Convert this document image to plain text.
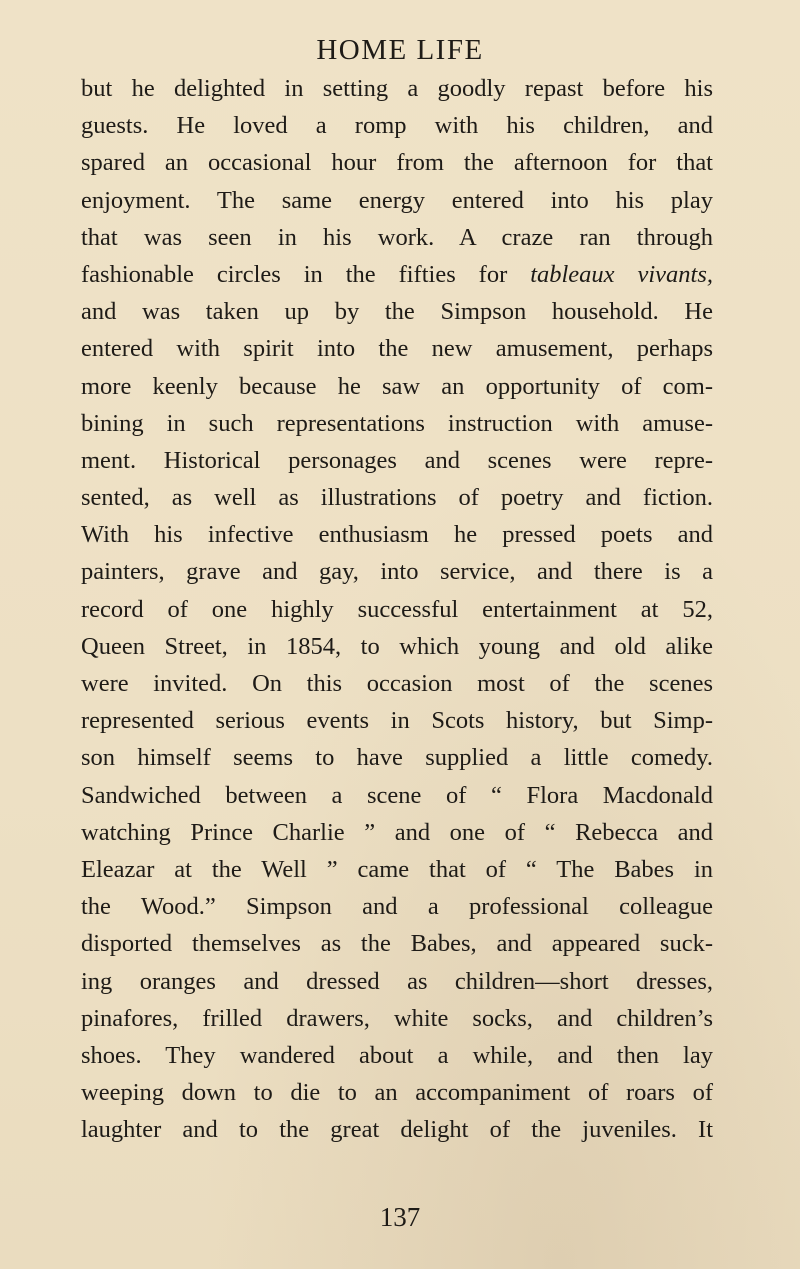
HOME LIFE
but he delighted in setting a goodly repast before his
guests. He loved a romp with his children, and
spared an occasional hour from the afternoon for that
enjoyment. The same energy entered into his play
that was seen in his work. A craze ran through
fashionable circles in the fifties for tableaux vivants,
and was taken up by the Simpson household. He
entered with spirit into the new amusement, perhaps
more keenly because he saw an opportunity of com-
bining in such representations instruction with amuse-
ment. Historical personages and scenes were repre-
sented, as well as illustrations of poetry and fiction.
With his infective enthusiasm he pressed poets and
painters, grave and gay, into service, and there is a
record of one highly successful entertainment at 52,
Queen Street, in 1854, to which young and old alike
were invited. On this occasion most of the scenes
represented serious events in Scots history, but Simp-
son himself seems to have supplied a little comedy.
Sandwiched between a scene of “ Flora Macdonald
watching Prince Charlie ” and one of “ Rebecca and
Eleazar at the Well ” came that of “ The Babes in
the Wood.” Simpson and a professional colleague
disported themselves as the Babes, and appeared suck-
ing oranges and dressed as children—short dresses,
pinafores, frilled drawers, white socks, and children’s
shoes. They wandered about a while, and then lay
weeping down to die to an accompaniment of roars of
laughter and to the great delight of the juveniles. It
137
